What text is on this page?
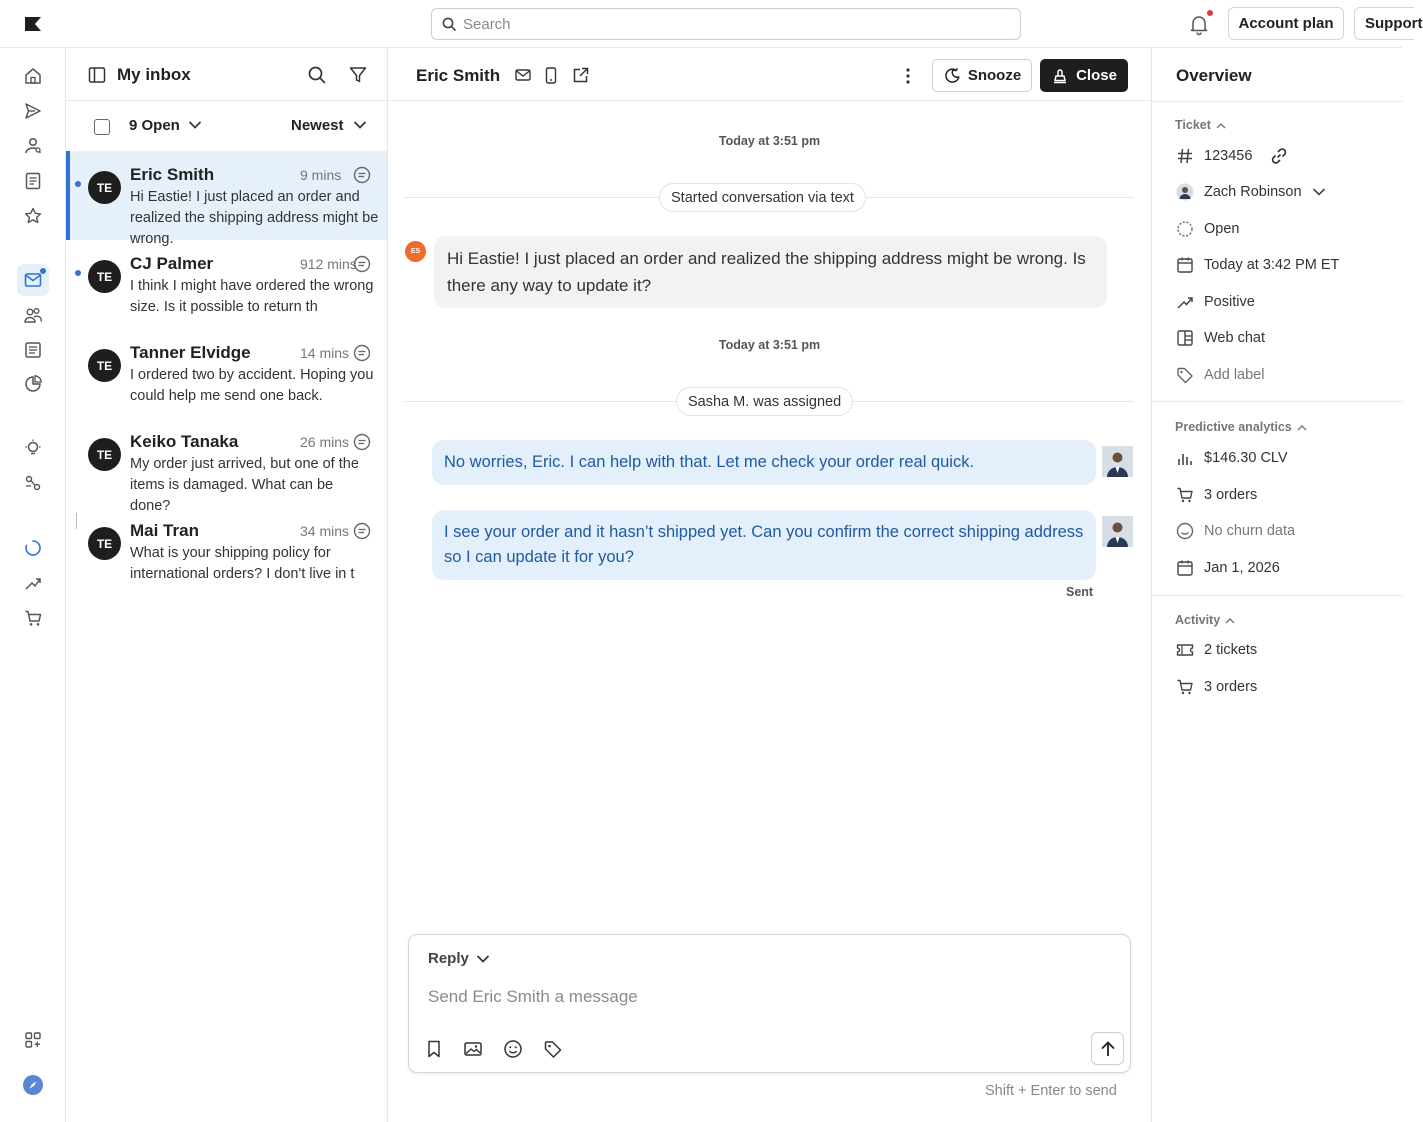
Search
Account plan	Support
My inbox
9 Open	Newest
TE
Eric Smith	9 mins
Hi Eastie! I just placed an order and realized the shipping address might be wrong.
TE
CJ Palmer	912 mins
I think I might have ordered the wrong size. Is it possible to return th
TE
Tanner Elvidge	14 mins
I ordered two by accident. Hoping you could help me send one back.
TE
Keiko Tanaka	26 mins
My order just arrived, but one of the items is damaged. What can be done?
TE
Mai Tran	34 mins
What is your shipping policy for international orders? I don't live in t
Eric Smith	Snooze	Close
Today at 3:51 pm
Started conversation via text
ES	Hi Eastie! I just placed an order and realized the shipping address might be wrong. Is there any way to update it?
Today at 3:51 pm
Sasha M. was assigned
No worries, Eric. I can help with that. Let me check your order real quick.
I see your order and it hasn’t shipped yet. Can you confirm the correct shipping address so I can update it for you?
Sent
Reply
Send Eric Smith a message
Shift + Enter to send
Overview
Ticket
123456
Zach Robinson
Open
Today at 3:42 PM ET
Positive
Web chat
Add label
Predictive analytics
$146.30 CLV
3 orders
No churn data
Jan 1, 2026
Activity
2 tickets
3 orders
